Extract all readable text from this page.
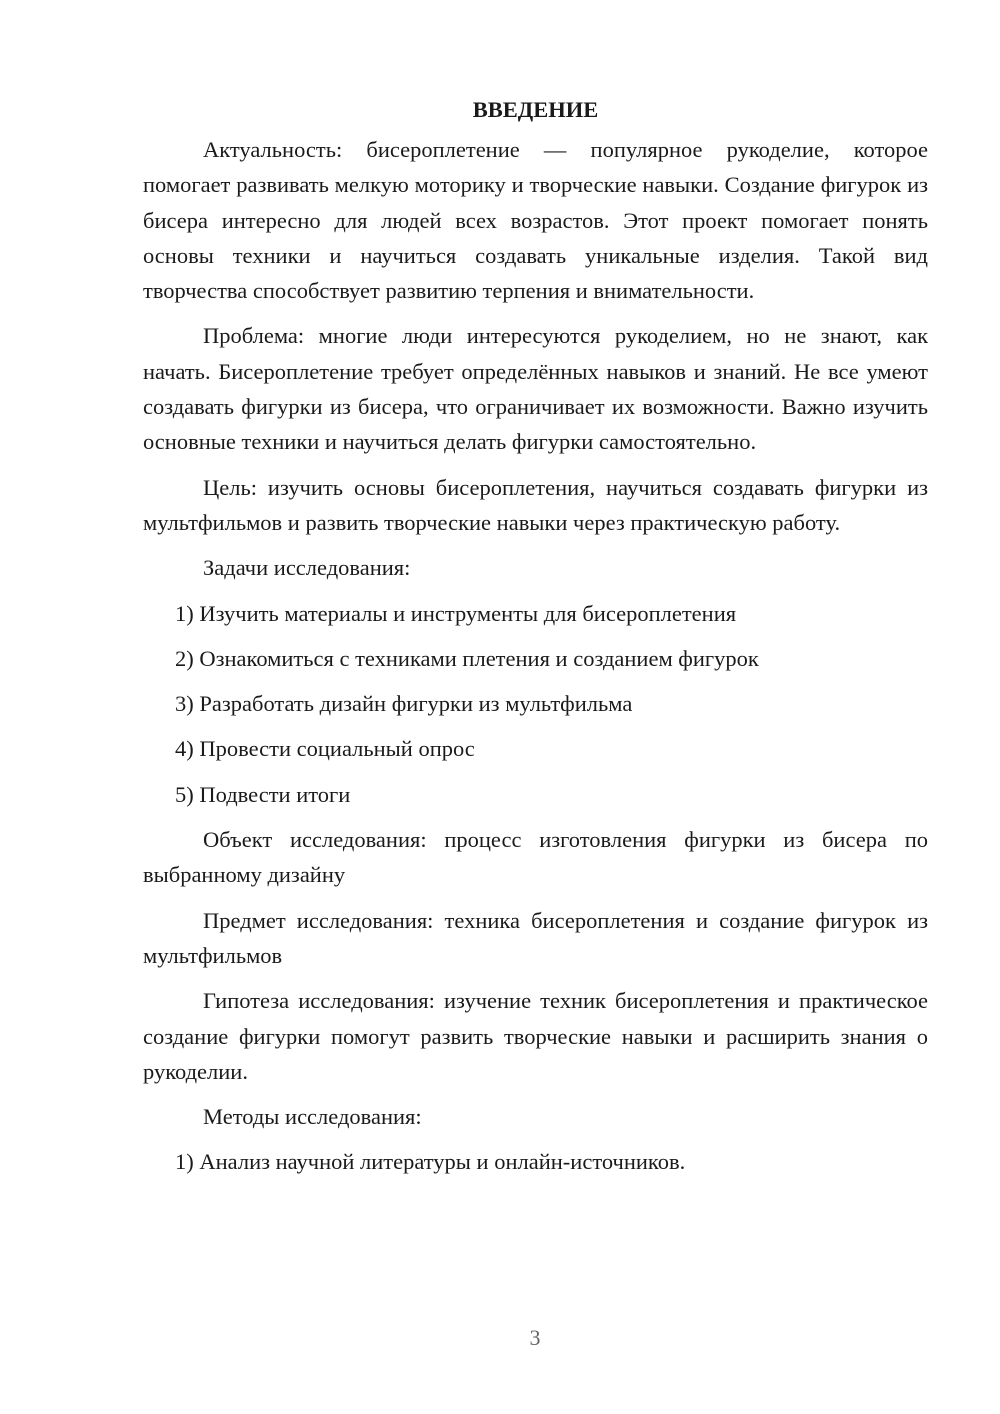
ВВЕДЕНИЕ

Актуальность: бисероплетение — популярное рукоделие, которое помогает развивать мелкую моторику и творческие навыки. Создание фигурок из бисера интересно для людей всех возрастов. Этот проект помогает понять основы техники и научиться создавать уникальные изделия. Такой вид творчества способствует развитию терпения и внимательности.

Проблема: многие люди интересуются рукоделием, но не знают, как начать. Бисероплетение требует определённых навыков и знаний. Не все умеют создавать фигурки из бисера, что ограничивает их возможности. Важно изучить основные техники и научиться делать фигурки самостоятельно.

Цель: изучить основы бисероплетения, научиться создавать фигурки из мультфильмов и развить творческие навыки через практическую работу.

Задачи исследования:

1) Изучить материалы и инструменты для бисероплетения
2) Ознакомиться с техниками плетения и созданием фигурок
3) Разработать дизайн фигурки из мультфильма
4) Провести социальный опрос
5) Подвести итоги

Объект исследования: процесс изготовления фигурки из бисера по выбранному дизайну

Предмет исследования: техника бисероплетения и создание фигурок из мультфильмов

Гипотеза исследования: изучение техник бисероплетения и практическое создание фигурки помогут развить творческие навыки и расширить знания о рукоделии.

Методы исследования:

1) Анализ научной литературы и онлайн-источников.
3
